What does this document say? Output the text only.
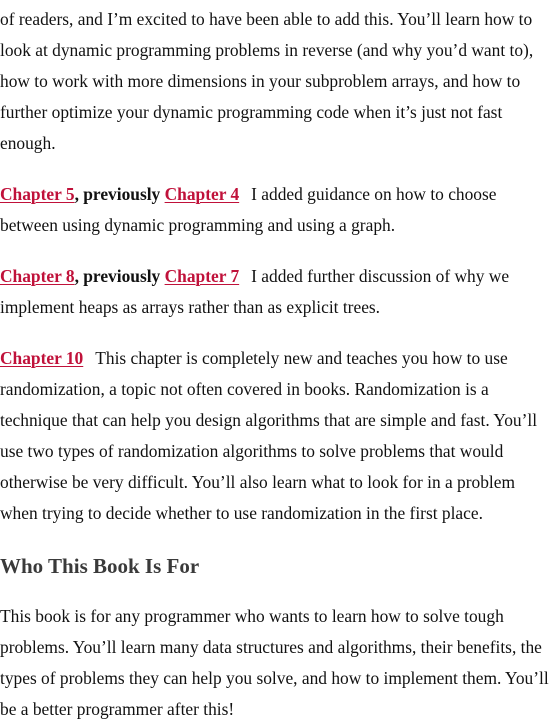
of readers, and I’m excited to have been able to add this. You’ll learn how to look at dynamic programming problems in reverse (and why you’d want to), how to work with more dimensions in your subproblem arrays, and how to further optimize your dynamic programming code when it’s just not fast enough.

Chapter 5, previously Chapter 4 I added guidance on how to choose between using dynamic programming and using a graph.

Chapter 8, previously Chapter 7 I added further discussion of why we implement heaps as arrays rather than as explicit trees.

Chapter 10 This chapter is completely new and teaches you how to use randomization, a topic not often covered in books. Randomization is a technique that can help you design algorithms that are simple and fast. You’ll use two types of randomization algorithms to solve problems that would otherwise be very difficult. You’ll also learn what to look for in a problem when trying to decide whether to use randomization in the first place.

Who This Book Is For

This book is for any programmer who wants to learn how to solve tough problems. You’ll learn many data structures and algorithms, their benefits, the types of problems they can help you solve, and how to implement them. You’ll be a better programmer after this!
